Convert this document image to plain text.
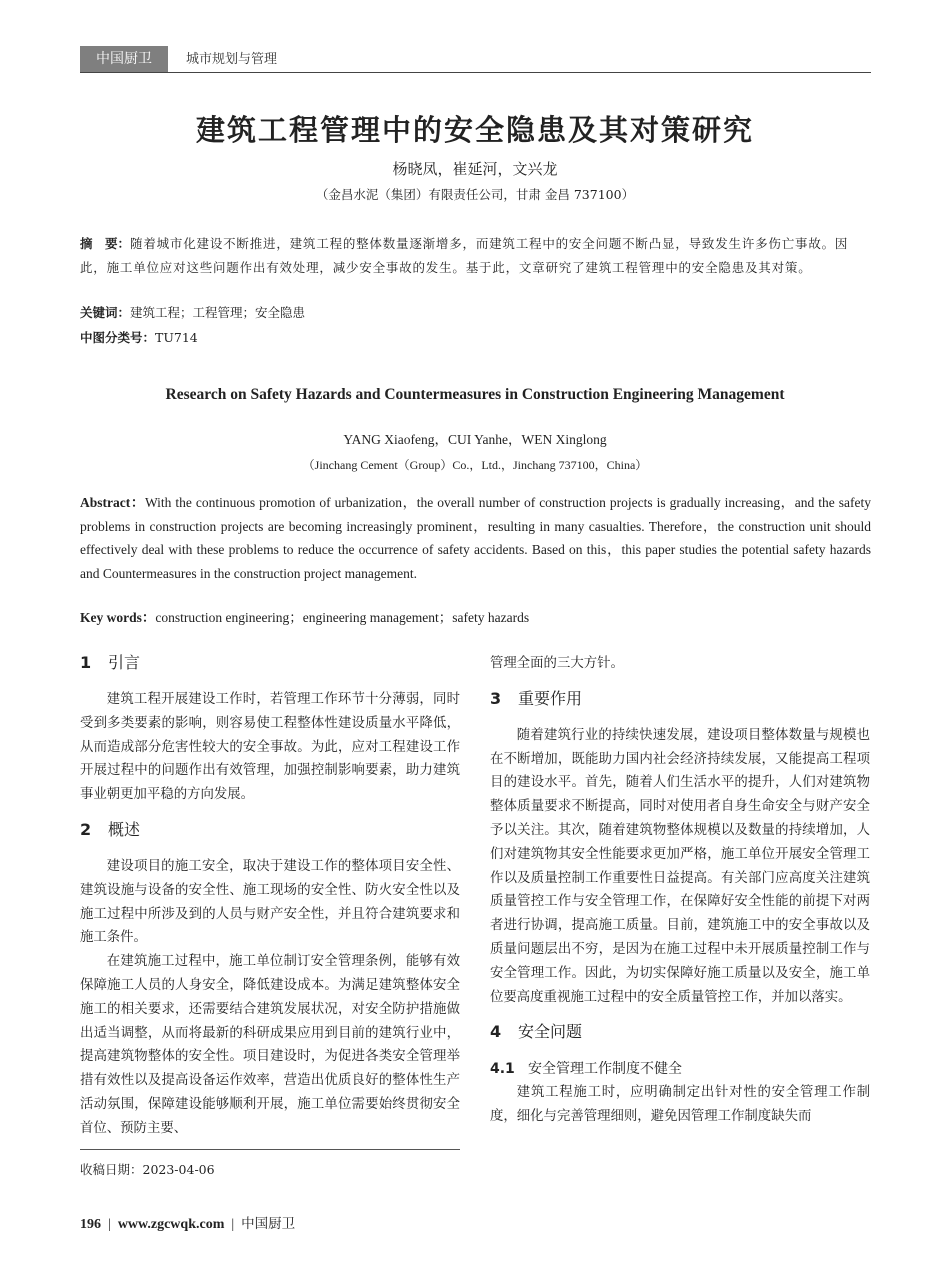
中国厨卫	城市规划与管理
建筑工程管理中的安全隐患及其对策研究
杨晓凤，崔延河，文兴龙
（金昌水泥（集团）有限责任公司，甘肃 金昌 737100）
摘　要：随着城市化建设不断推进，建筑工程的整体数量逐渐增多，而建筑工程中的安全问题不断凸显，导致发生许多伤亡事故。因此，施工单位应对这些问题作出有效处理，减少安全事故的发生。基于此，文章研究了建筑工程管理中的安全隐患及其对策。
关键词：建筑工程；工程管理；安全隐患
中图分类号：TU714
Research on Safety Hazards and Countermeasures in Construction Engineering Management
YANG Xiaofeng，CUI Yanhe，WEN Xinglong
（Jinchang Cement（Group）Co.，Ltd.，Jinchang 737100，China）
Abstract：With the continuous promotion of urbanization，the overall number of construction projects is gradually increasing，and the safety problems in construction projects are becoming increasingly prominent，resulting in many casualties. Therefore，the construction unit should effectively deal with these problems to reduce the occurrence of safety accidents. Based on this，this paper studies the potential safety hazards and Countermeasures in the construction project management.
Key words：construction engineering；engineering management；safety hazards
1 引言

建筑工程开展建设工作时，若管理工作环节十分薄弱，同时受到多类要素的影响，则容易使工程整体性建设质量水平降低，从而造成部分危害性较大的安全事故。为此，应对工程建设工作开展过程中的问题作出有效管理，加强控制影响要素，助力建筑事业朝更加平稳的方向发展。

2 概述

建设项目的施工安全，取决于建设工作的整体项目安全性、建筑设施与设备的安全性、施工现场的安全性、防火安全性以及施工过程中所涉及到的人员与财产安全性，并且符合建筑要求和施工条件。

在建筑施工过程中，施工单位制订安全管理条例，能够有效保障施工人员的人身安全，降低建设成本。为满足建筑整体安全施工的相关要求，还需要结合建筑发展状况，对安全防护措施做出适当调整，从而将最新的科研成果应用到目前的建筑行业中，提高建筑物整体的安全性。项目建设时，为促进各类安全管理举措有效性以及提高设备运作效率，营造出优质良好的整体性生产活动氛围，保障建设能够顺利开展，施工单位需要始终贯彻安全首位、预防主要、

管理全面的三大方针。

3 重要作用

随着建筑行业的持续快速发展，建设项目整体数量与规模也在不断增加，既能助力国内社会经济持续发展，又能提高工程项目的建设水平。首先，随着人们生活水平的提升，人们对建筑物整体质量要求不断提高，同时对使用者自身生命安全与财产安全予以关注。其次，随着建筑物整体规模以及数量的持续增加，人们对建筑物其安全性能要求更加严格，施工单位开展安全管理工作以及质量控制工作重要性日益提高。有关部门应高度关注建筑质量管控工作与安全管理工作，在保障好安全性能的前提下对两者进行协调，提高施工质量。目前，建筑施工中的安全事故以及质量问题层出不穷，是因为在施工过程中未开展质量控制工作与安全管理工作。因此，为切实保障好施工质量以及安全，施工单位要高度重视施工过程中的安全质量管控工作，并加以落实。

4 安全问题
4.1 安全管理工作制度不健全

建筑工程施工时，应明确制定出针对性的安全管理工作制度，细化与完善管理细则，避免因管理工作制度缺失而

收稿日期：2023-04-06
196 | www.zgcwqk.com | 中国厨卫
